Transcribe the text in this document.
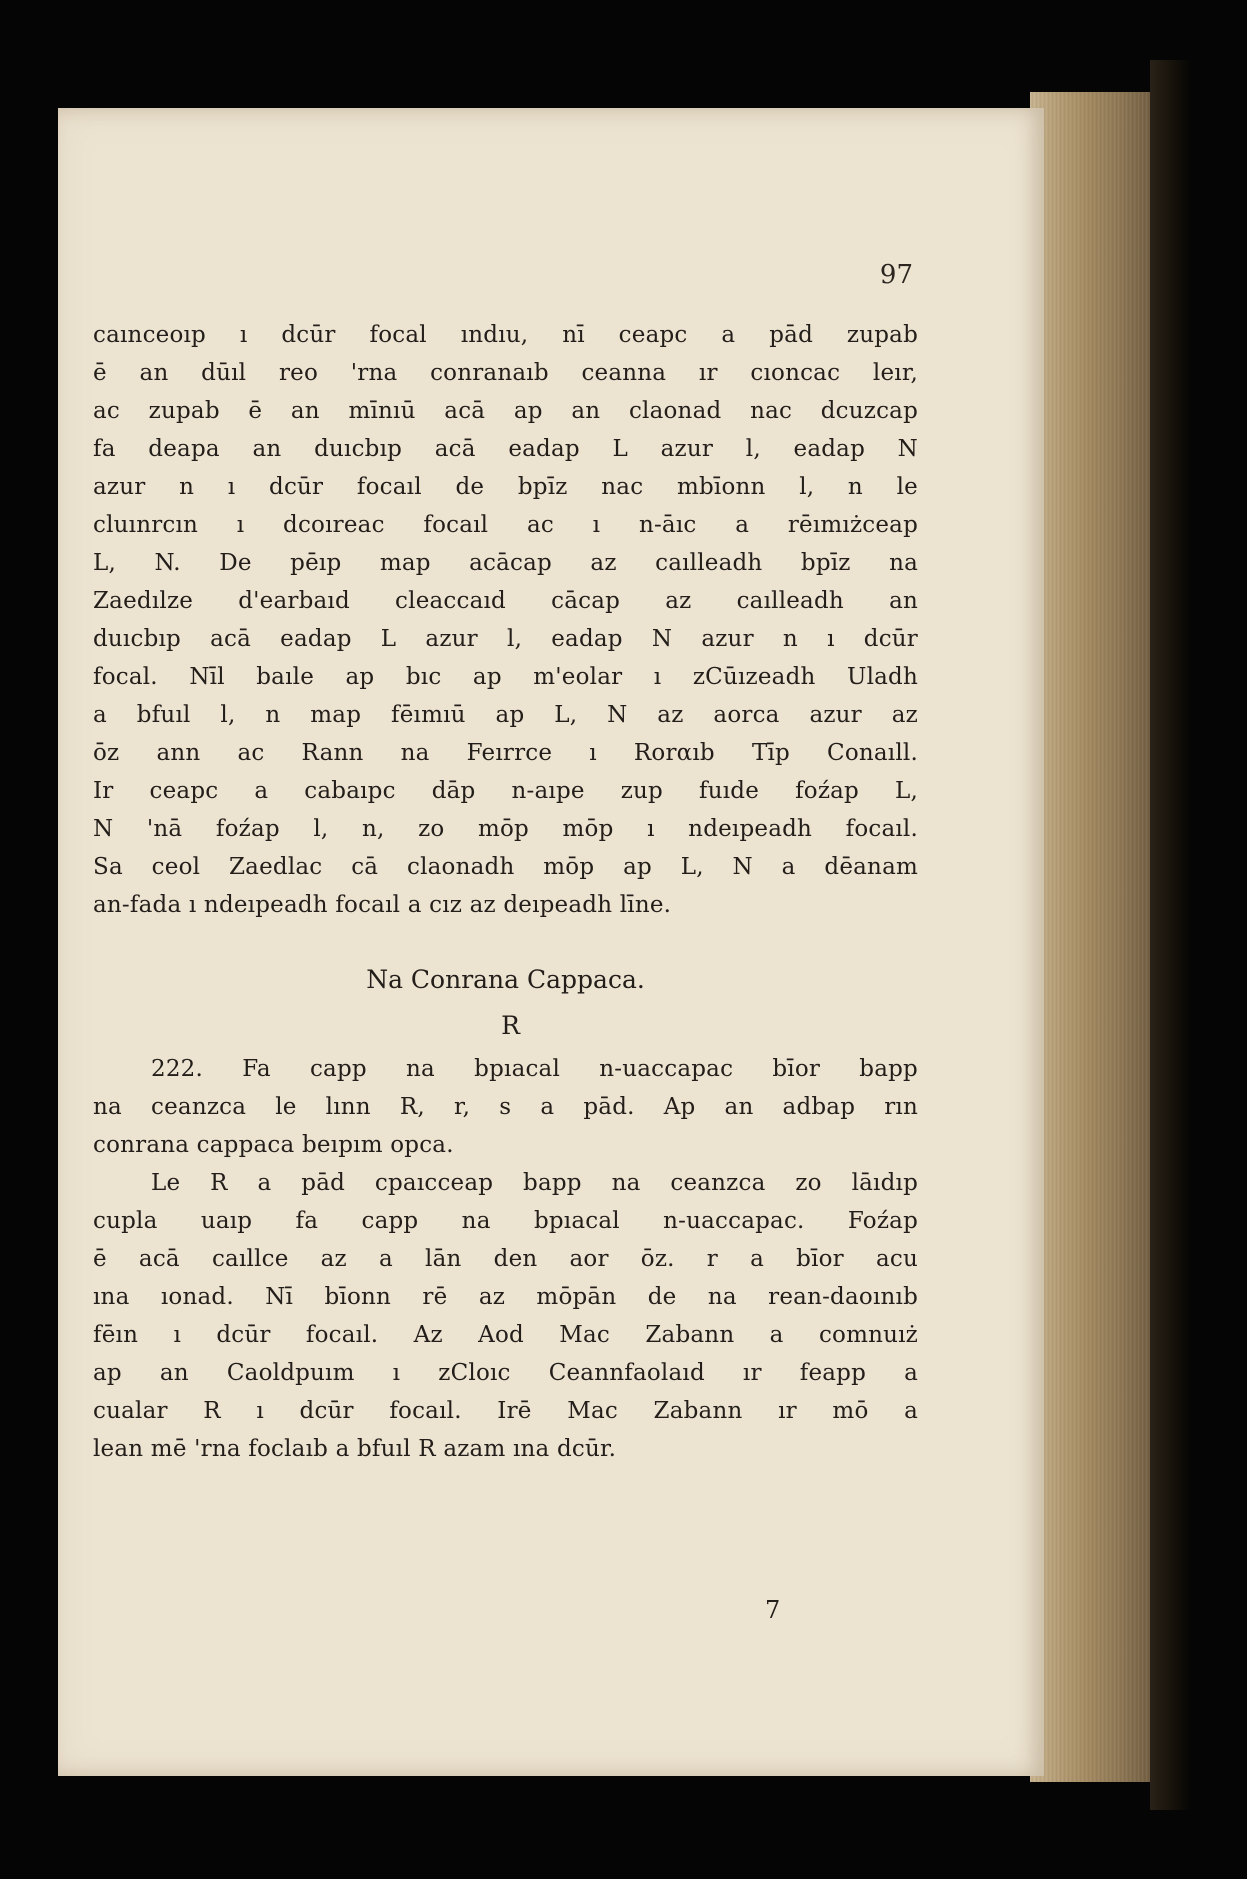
97
caınceoıp ı dcūr focal ındıu, nī ceapc a pād zupab
ē an dūıl reo 'rna conranaıb ceanna ır cıoncac leır,
ac zupab ē an mīnıū acā ap an claonad nac dcuzcap
fa deapa an duıcbıp acā eadap L azur l, eadap N
azur n ı dcūr focaıl de bpīz nac mbīonn l, n le
cluınrcın ı dcoıreac focaıl ac ı n-āıc a rēımıżceap
L, N. De pēıp map acācap az caılleadh bpīz na
Zaedılze d'earbaıd cleaccaıd cācap az caılleadh an
duıcbıp acā eadap L azur l, eadap N azur n ı dcūr
focal. Nīl baıle ap bıc ap m'eolar ı zCūızeadh Uladh
a bfuıl l, n map fēımıū ap L, N az aorca azur az
ōz ann ac Rann na Feırrce ı Rorαıb Tīp Conaıll.
Ir ceapc a cabaıpc dāp n-aıpe zup fuıde foźap L,
N 'nā foźap l, n, zo mōp mōp ı ndeıpeadh focaıl.
Sa ceol Zaedlac cā claonadh mōp ap L, N a dēanam
an-fada ı ndeıpeadh focaıl a cız az deıpeadh līne.
Na Conrana Cappaca.
R
222. Fa capp na bpıacal n-uaccapac bīor bapp
na ceanzca le lınn R, r, s a pād. Ap an adbap rın
conrana cappaca beıpım opca.
Le R a pād cpaıcceap bapp na ceanzca zo lāıdıp
cupla uaıp fa capp na bpıacal n-uaccapac. Foźap
ē acā caıllce az a lān den aor ōz. r a bīor acu
ına ıonad. Nī bīonn rē az mōpān de na rean-daoınıb
fēın ı dcūr focaıl. Az Aod Mac Zabann a comnuıż
ap an Caoldpuım ı zCloıc Ceannfaolaıd ır feapp a
cualar R ı dcūr focaıl. Irē Mac Zabann ır mō a
lean mē 'rna foclaıb a bfuıl R azam ına dcūr.
7
